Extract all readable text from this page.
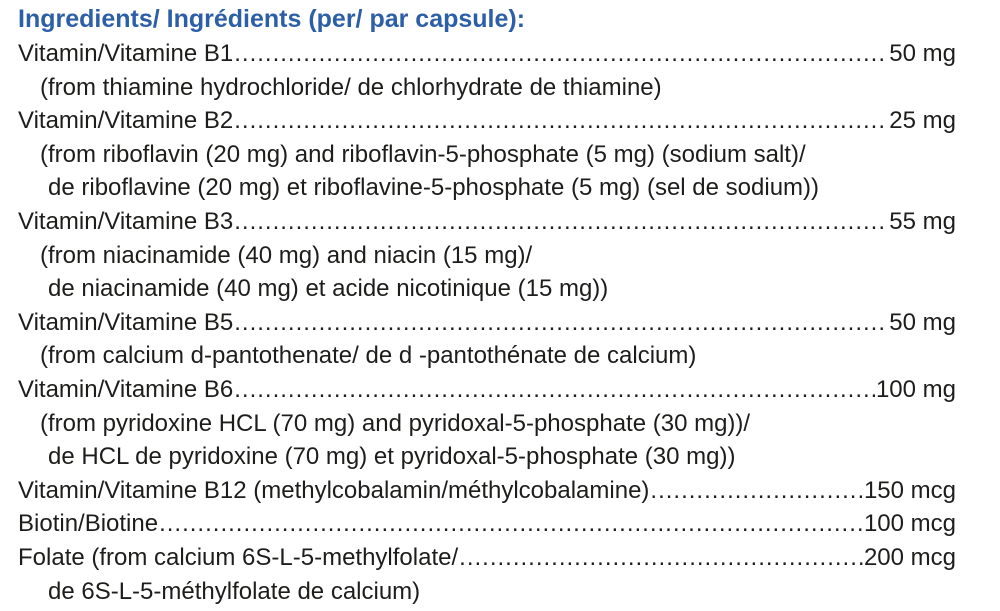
Ingredients/ Ingrédients (per/ par capsule):
Vitamin/Vitamine B1 .....	50 mg
(from thiamine hydrochloride/ de chlorhydrate de thiamine)
Vitamin/Vitamine B2 .....	25 mg
(from riboflavin (20 mg) and riboflavin-5-phosphate (5 mg) (sodium salt)/
de riboflavine (20 mg) et riboflavine-5-phosphate (5 mg) (sel de sodium))
Vitamin/Vitamine B3 .....	55 mg
(from niacinamide (40 mg) and niacin (15 mg)/
de niacinamide (40 mg) et acide nicotinique (15 mg))
Vitamin/Vitamine B5 .....	50 mg
(from calcium d-pantothenate/ de d -pantothénate de calcium)
Vitamin/Vitamine B6 .....	100 mg
(from pyridoxine HCL (70 mg) and pyridoxal-5-phosphate (30 mg))/
de HCL de pyridoxine (70 mg) et pyridoxal-5-phosphate (30 mg))
Vitamin/Vitamine B12 (methylcobalamin/méthylcobalamine) .....	150 mcg
Biotin/Biotine .....	100 mcg
Folate (from calcium 6S-L-5-methylfolate/ .....	200 mcg
de 6S-L-5-méthylfolate de calcium)
